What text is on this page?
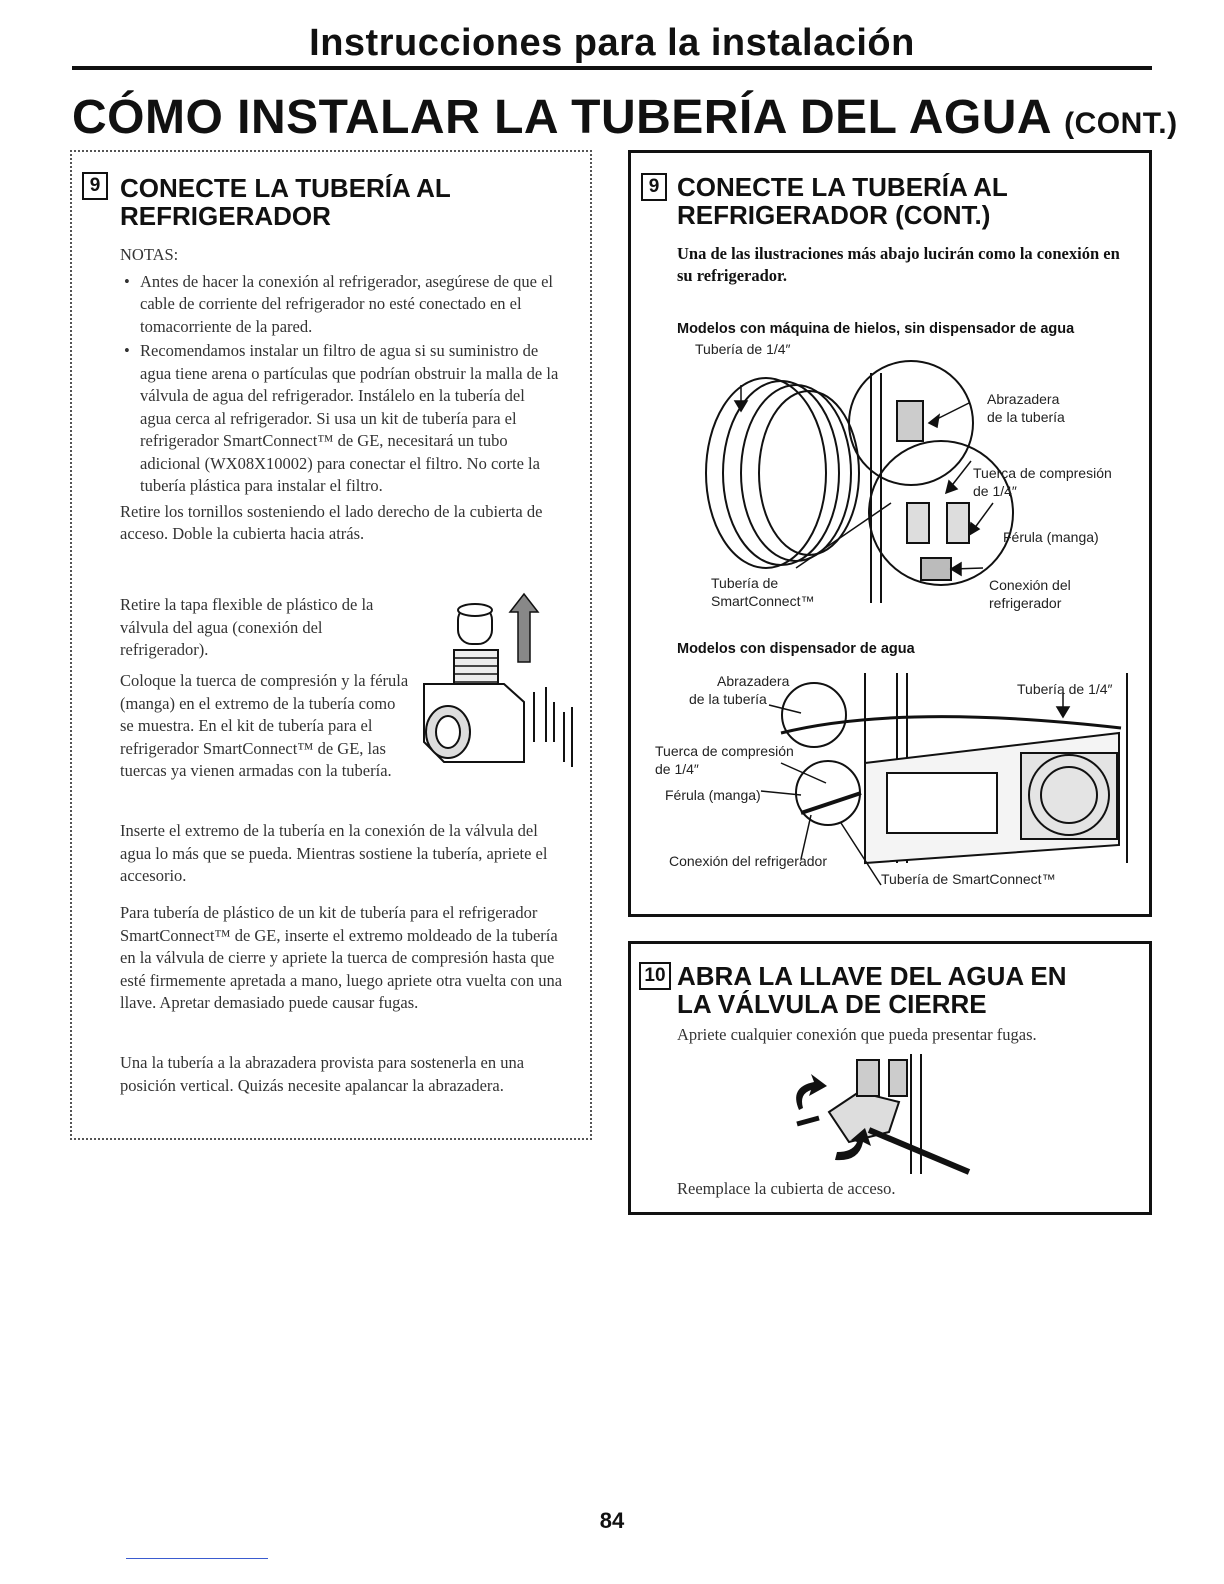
Instrucciones para la instalación
CÓMO INSTALAR LA TUBERÍA DEL AGUA (CONT.)
9 CONECTE LA TUBERÍA AL
REFRIGERADOR
NOTAS:
• Antes de hacer la conexión al refrigerador, asegúrese de que el cable de corriente del refrigerador no esté conectado en el tomacorriente de la pared.
• Recomendamos instalar un filtro de agua si su suministro de agua tiene arena o partículas que podrían obstruir la malla de la válvula de agua del refrigerador. Instálelo en la tubería del agua cerca al refrigerador. Si usa un kit de tubería para el refrigerador SmartConnect™ de GE, necesitará un tubo adicional (WX08X10002) para conectar el filtro. No corte la tubería plástica para instalar el filtro.
Retire los tornillos sosteniendo el lado derecho de la cubierta de acceso. Doble la cubierta hacia atrás.
Retire la tapa flexible de plástico de la válvula del agua (conexión del refrigerador).
Coloque la tuerca de compresión y la férula (manga) en el extremo de la tubería como se muestra. En el kit de tubería para el refrigerador SmartConnect™ de GE, las tuercas ya vienen armadas con la tubería.
Inserte el extremo de la tubería en la conexión de la válvula del agua lo más que se pueda. Mientras sostiene la tubería, apriete el accesorio.
Para tubería de plástico de un kit de tubería para el refrigerador SmartConnect™ de GE, inserte el extremo moldeado de la tubería en la válvula de cierre y apriete la tuerca de compresión hasta que esté firmemente apretada a mano, luego apriete otra vuelta con una llave. Apretar demasiado puede causar fugas.
Una la tubería a la abrazadera provista para sostenerla en una posición vertical. Quizás necesite apalancar la abrazadera.
9 CONECTE LA TUBERÍA AL
REFRIGERADOR (CONT.)
Una de las ilustraciones más abajo lucirán como la conexión en su refrigerador.
Modelos con máquina de hielos, sin dispensador de agua
Tubería de 1/4″
Abrazadera
de la tubería
Tuerca de compresión
de 1/4″
Férula (manga)
Tubería de
SmartConnect™
Conexión del
refrigerador
Modelos con dispensador de agua
Abrazadera
de la tubería
Tubería de 1/4″
Tuerca de compresión
de 1/4″
Férula (manga)
Conexión del refrigerador
Tubería de SmartConnect™
10 ABRA LA LLAVE DEL AGUA EN
LA VÁLVULA DE CIERRE
Apriete cualquier conexión que pueda presentar fugas.
Reemplace la cubierta de acceso.
84
